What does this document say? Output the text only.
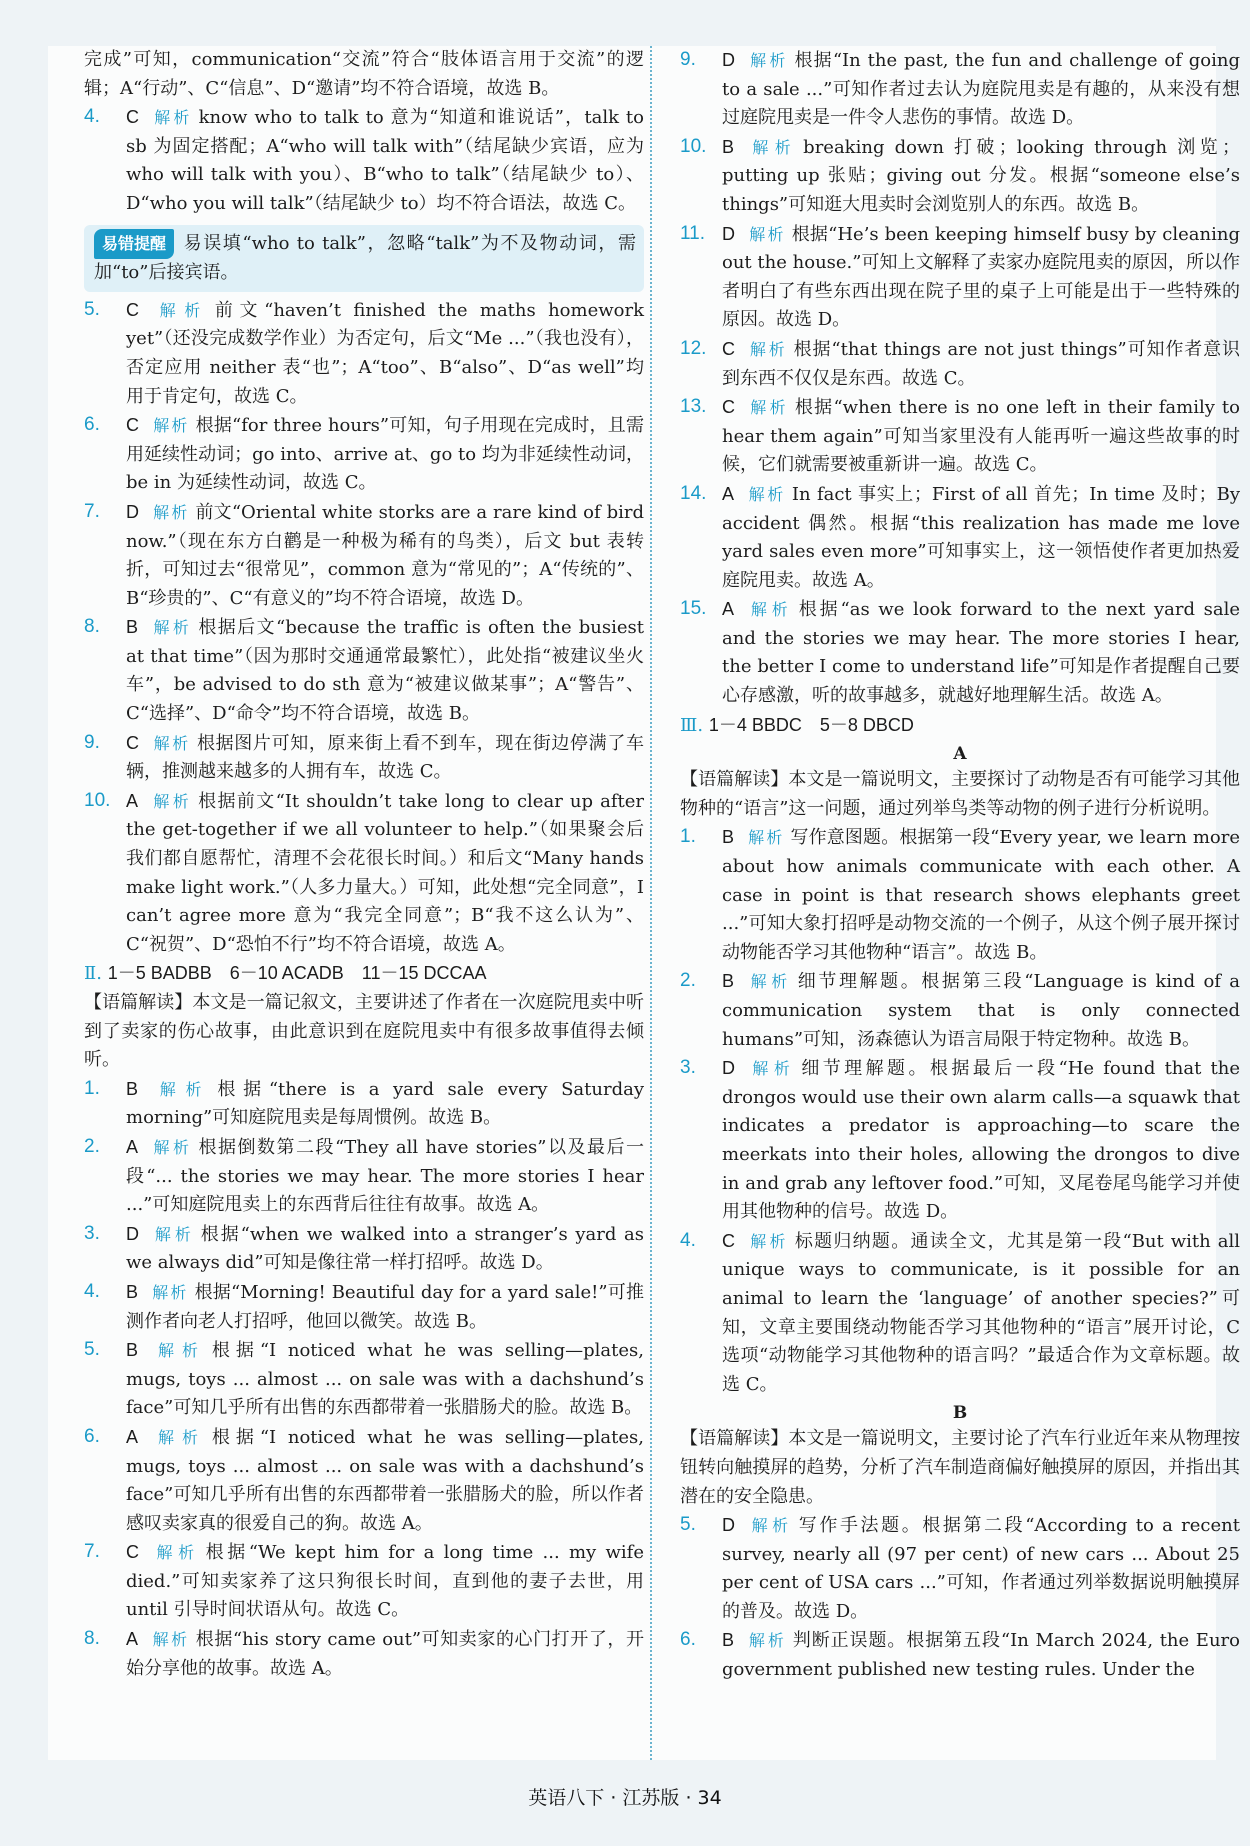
完成”可知，communication“交流”符合“肢体语言用于交流”的逻辑；A“行动”、C“信息”、D“邀请”均不符合语境，故选 B。

4. C 解析 know who to talk to 意为“知道和谁说话”，talk to sb 为固定搭配；A“who will talk with”（结尾缺少宾语，应为 who will talk with you）、B“who to talk”（结尾缺少 to）、D“who you will talk”（结尾缺少 to）均不符合语法，故选 C。

易错提醒 易误填“who to talk”，忽略“talk”为不及物动词，需加“to”后接宾语。

5. C 解析 前文“haven’t finished the maths homework yet”（还没完成数学作业）为否定句，后文“Me ...”（我也没有），否定应用 neither 表“也”；A“too”、B“also”、D“as well”均用于肯定句，故选 C。

6. C 解析 根据“for three hours”可知，句子用现在完成时，且需用延续性动词；go into、arrive at、go to 均为非延续性动词，be in 为延续性动词，故选 C。

7. D 解析 前文“Oriental white storks are a rare kind of bird now.”（现在东方白鹳是一种极为稀有的鸟类），后文 but 表转折，可知过去“很常见”，common 意为“常见的”；A“传统的”、B“珍贵的”、C“有意义的”均不符合语境，故选 D。

8. B 解析 根据后文“because the traffic is often the busiest at that time”（因为那时交通通常最繁忙），此处指“被建议坐火车”，be advised to do sth 意为“被建议做某事”；A“警告”、C“选择”、D“命令”均不符合语境，故选 B。

9. C 解析 根据图片可知，原来街上看不到车，现在街边停满了车辆，推测越来越多的人拥有车，故选 C。

10. A 解析 根据前文“It shouldn’t take long to clear up after the get-together if we all volunteer to help.”（如果聚会后我们都自愿帮忙，清理不会花很长时间。）和后文“Many hands make light work.”（人多力量大。）可知，此处想“完全同意”，I can’t agree more 意为“我完全同意”；B“我不这么认为”、C“祝贺”、D“恐怕不行”均不符合语境，故选 A。

Ⅱ. 1－5 BADBB　6－10 ACADB　11－15 DCCAA

【语篇解读】本文是一篇记叙文，主要讲述了作者在一次庭院甩卖中听到了卖家的伤心故事，由此意识到在庭院甩卖中有很多故事值得去倾听。

1. B 解析 根据“there is a yard sale every Saturday morning”可知庭院甩卖是每周惯例。故选 B。

2. A 解析 根据倒数第二段“They all have stories”以及最后一段“... the stories we may hear. The more stories I hear ...”可知庭院甩卖上的东西背后往往有故事。故选 A。

3. D 解析 根据“when we walked into a stranger’s yard as we always did”可知是像往常一样打招呼。故选 D。

4. B 解析 根据“Morning! Beautiful day for a yard sale!”可推测作者向老人打招呼，他回以微笑。故选 B。

5. B 解析 根据“I noticed what he was selling—plates, mugs, toys ... almost ... on sale was with a dachshund’s face”可知几乎所有出售的东西都带着一张腊肠犬的脸。故选 B。

6. A 解析 根据“I noticed what he was selling—plates, mugs, toys ... almost ... on sale was with a dachshund’s face”可知几乎所有出售的东西都带着一张腊肠犬的脸，所以作者感叹卖家真的很爱自己的狗。故选 A。

7. C 解析 根据“We kept him for a long time ... my wife died.”可知卖家养了这只狗很长时间，直到他的妻子去世，用 until 引导时间状语从句。故选 C。

8. A 解析 根据“his story came out”可知卖家的心门打开了，开始分享他的故事。故选 A。

9. D 解析 根据“In the past, the fun and challenge of going to a sale ...”可知作者过去认为庭院甩卖是有趣的，从来没有想过庭院甩卖是一件令人悲伤的事情。故选 D。

10. B 解析 breaking down 打破；looking through 浏览；putting up 张贴；giving out 分发。根据“someone else’s things”可知逛大甩卖时会浏览别人的东西。故选 B。

11. D 解析 根据“He’s been keeping himself busy by cleaning out the house.”可知上文解释了卖家办庭院甩卖的原因，所以作者明白了有些东西出现在院子里的桌子上可能是出于一些特殊的原因。故选 D。

12. C 解析 根据“that things are not just things”可知作者意识到东西不仅仅是东西。故选 C。

13. C 解析 根据“when there is no one left in their family to hear them again”可知当家里没有人能再听一遍这些故事的时候，它们就需要被重新讲一遍。故选 C。

14. A 解析 In fact 事实上；First of all 首先；In time 及时；By accident 偶然。根据“this realization has made me love yard sales even more”可知事实上，这一领悟使作者更加热爱庭院甩卖。故选 A。

15. A 解析 根据“as we look forward to the next yard sale and the stories we may hear. The more stories I hear, the better I come to understand life”可知是作者提醒自己要心存感激，听的故事越多，就越好地理解生活。故选 A。

Ⅲ. 1－4 BBDC　5－8 DBCD

A

【语篇解读】本文是一篇说明文，主要探讨了动物是否有可能学习其他物种的“语言”这一问题，通过列举鸟类等动物的例子进行分析说明。

1. B 解析 写作意图题。根据第一段“Every year, we learn more about how animals communicate with each other. A case in point is that research shows elephants greet ...”可知大象打招呼是动物交流的一个例子，从这个例子展开探讨动物能否学习其他物种“语言”。故选 B。

2. B 解析 细节理解题。根据第三段“Language is kind of a communication system that is only connected humans”可知，汤森德认为语言局限于特定物种。故选 B。

3. D 解析 细节理解题。根据最后一段“He found that the drongos would use their own alarm calls—a squawk that indicates a predator is approaching—to scare the meerkats into their holes, allowing the drongos to dive in and grab any leftover food.”可知，叉尾卷尾鸟能学习并使用其他物种的信号。故选 D。

4. C 解析 标题归纳题。通读全文，尤其是第一段“But with all unique ways to communicate, is it possible for an animal to learn the ‘language’ of another species?”可知，文章主要围绕动物能否学习其他物种的“语言”展开讨论，C 选项“动物能学习其他物种的语言吗？”最适合作为文章标题。故选 C。

B

【语篇解读】本文是一篇说明文，主要讨论了汽车行业近年来从物理按钮转向触摸屏的趋势，分析了汽车制造商偏好触摸屏的原因，并指出其潜在的安全隐患。

5. D 解析 写作手法题。根据第二段“According to a recent survey, nearly all (97 per cent) of new cars ... About 25 per cent of USA cars ...”可知，作者通过列举数据说明触摸屏的普及。故选 D。

6. B 解析 判断正误题。根据第五段“In March 2024, the Euro government published new testing rules. Under the

英语八下 · 江苏版 · 34
